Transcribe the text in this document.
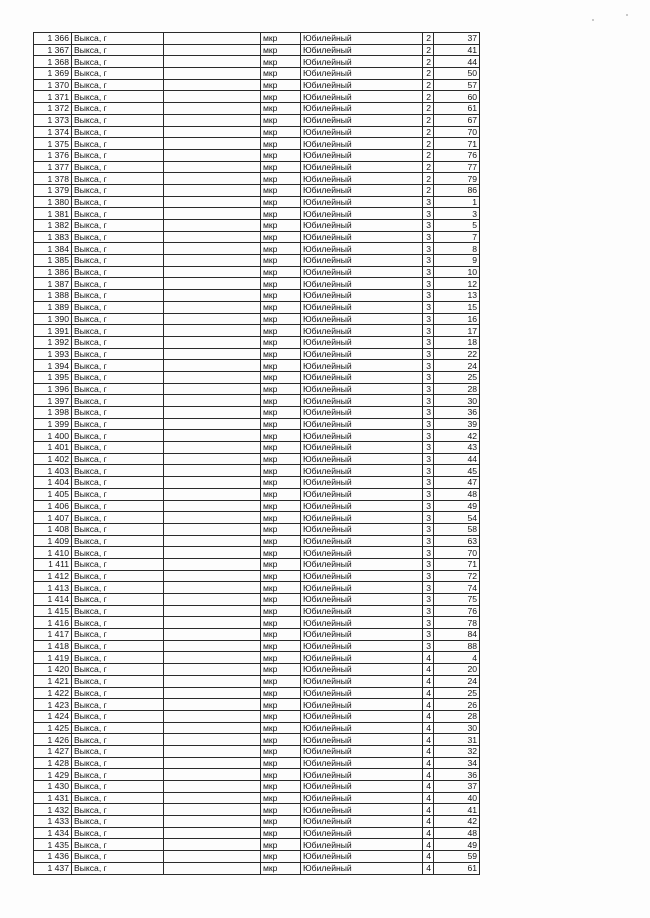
1 366	Выкса, г		мкр	Юбилейный	2	37
1 367	Выкса, г		мкр	Юбилейный	2	41
1 368	Выкса, г		мкр	Юбилейный	2	44
1 369	Выкса, г		мкр	Юбилейный	2	50
1 370	Выкса, г		мкр	Юбилейный	2	57
1 371	Выкса, г		мкр	Юбилейный	2	60
1 372	Выкса, г		мкр	Юбилейный	2	61
1 373	Выкса, г		мкр	Юбилейный	2	67
1 374	Выкса, г		мкр	Юбилейный	2	70
1 375	Выкса, г		мкр	Юбилейный	2	71
1 376	Выкса, г		мкр	Юбилейный	2	76
1 377	Выкса, г		мкр	Юбилейный	2	77
1 378	Выкса, г		мкр	Юбилейный	2	79
1 379	Выкса, г		мкр	Юбилейный	2	86
1 380	Выкса, г		мкр	Юбилейный	3	1
1 381	Выкса, г		мкр	Юбилейный	3	3
1 382	Выкса, г		мкр	Юбилейный	3	5
1 383	Выкса, г		мкр	Юбилейный	3	7
1 384	Выкса, г		мкр	Юбилейный	3	8
1 385	Выкса, г		мкр	Юбилейный	3	9
1 386	Выкса, г		мкр	Юбилейный	3	10
1 387	Выкса, г		мкр	Юбилейный	3	12
1 388	Выкса, г		мкр	Юбилейный	3	13
1 389	Выкса, г		мкр	Юбилейный	3	15
1 390	Выкса, г		мкр	Юбилейный	3	16
1 391	Выкса, г		мкр	Юбилейный	3	17
1 392	Выкса, г		мкр	Юбилейный	3	18
1 393	Выкса, г		мкр	Юбилейный	3	22
1 394	Выкса, г		мкр	Юбилейный	3	24
1 395	Выкса, г		мкр	Юбилейный	3	25
1 396	Выкса, г		мкр	Юбилейный	3	28
1 397	Выкса, г		мкр	Юбилейный	3	30
1 398	Выкса, г		мкр	Юбилейный	3	36
1 399	Выкса, г		мкр	Юбилейный	3	39
1 400	Выкса, г		мкр	Юбилейный	3	42
1 401	Выкса, г		мкр	Юбилейный	3	43
1 402	Выкса, г		мкр	Юбилейный	3	44
1 403	Выкса, г		мкр	Юбилейный	3	45
1 404	Выкса, г		мкр	Юбилейный	3	47
1 405	Выкса, г		мкр	Юбилейный	3	48
1 406	Выкса, г		мкр	Юбилейный	3	49
1 407	Выкса, г		мкр	Юбилейный	3	54
1 408	Выкса, г		мкр	Юбилейный	3	58
1 409	Выкса, г		мкр	Юбилейный	3	63
1 410	Выкса, г		мкр	Юбилейный	3	70
1 411	Выкса, г		мкр	Юбилейный	3	71
1 412	Выкса, г		мкр	Юбилейный	3	72
1 413	Выкса, г		мкр	Юбилейный	3	74
1 414	Выкса, г		мкр	Юбилейный	3	75
1 415	Выкса, г		мкр	Юбилейный	3	76
1 416	Выкса, г		мкр	Юбилейный	3	78
1 417	Выкса, г		мкр	Юбилейный	3	84
1 418	Выкса, г		мкр	Юбилейный	3	88
1 419	Выкса, г		мкр	Юбилейный	4	4
1 420	Выкса, г		мкр	Юбилейный	4	20
1 421	Выкса, г		мкр	Юбилейный	4	24
1 422	Выкса, г		мкр	Юбилейный	4	25
1 423	Выкса, г		мкр	Юбилейный	4	26
1 424	Выкса, г		мкр	Юбилейный	4	28
1 425	Выкса, г		мкр	Юбилейный	4	30
1 426	Выкса, г		мкр	Юбилейный	4	31
1 427	Выкса, г		мкр	Юбилейный	4	32
1 428	Выкса, г		мкр	Юбилейный	4	34
1 429	Выкса, г		мкр	Юбилейный	4	36
1 430	Выкса, г		мкр	Юбилейный	4	37
1 431	Выкса, г		мкр	Юбилейный	4	40
1 432	Выкса, г		мкр	Юбилейный	4	41
1 433	Выкса, г		мкр	Юбилейный	4	42
1 434	Выкса, г		мкр	Юбилейный	4	48
1 435	Выкса, г		мкр	Юбилейный	4	49
1 436	Выкса, г		мкр	Юбилейный	4	59
1 437	Выкса, г		мкр	Юбилейный	4	61
